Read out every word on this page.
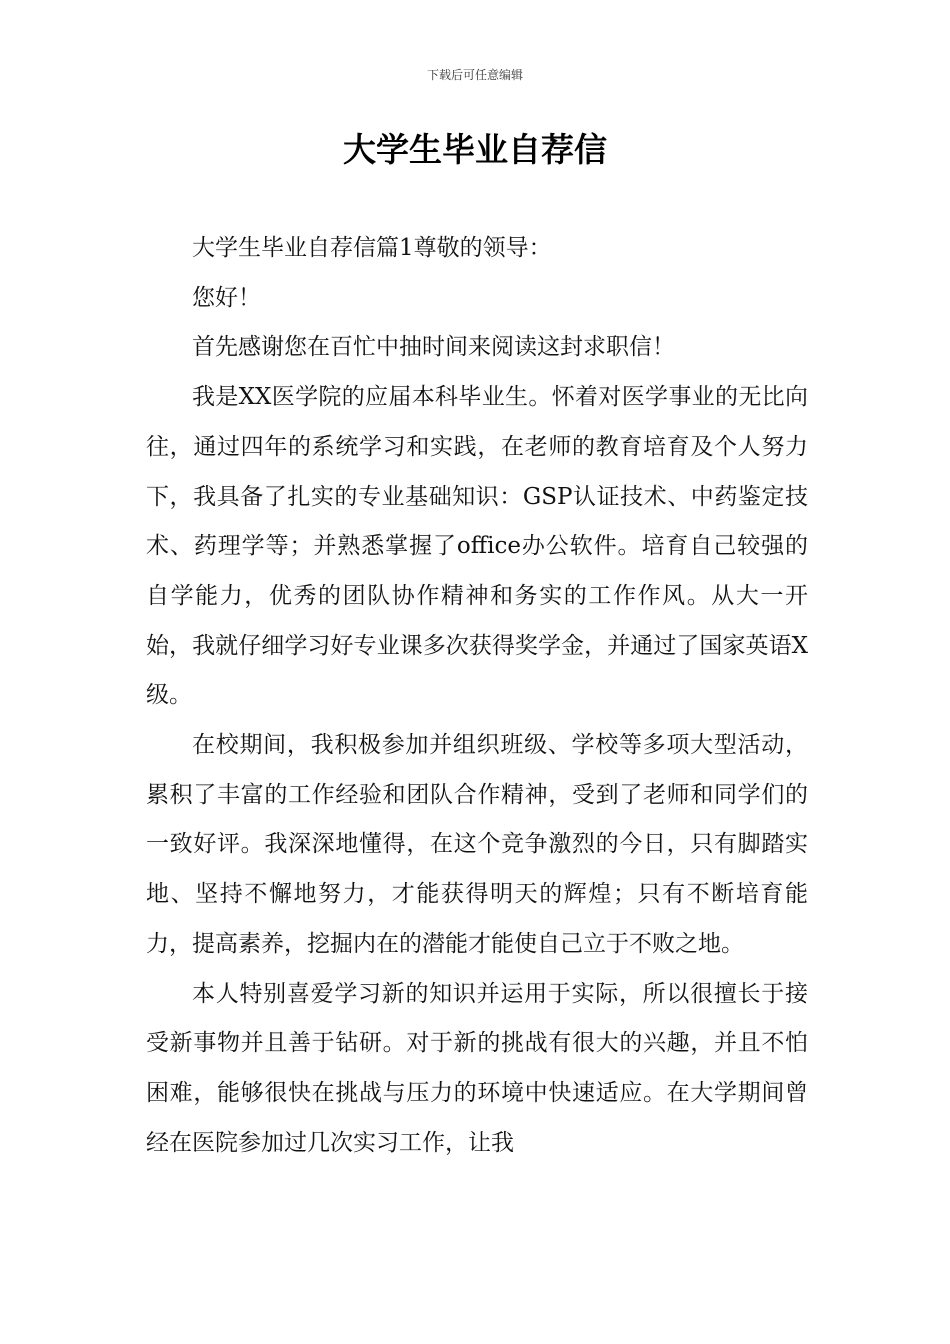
下载后可任意编辑
大学生毕业自荐信

大学生毕业自荐信篇1尊敬的领导：

您好！

首先感谢您在百忙中抽时间来阅读这封求职信！

我是XX医学院的应届本科毕业生。怀着对医学事业的无比向往，通过四年的系统学习和实践，在老师的教育培育及个人努力下，我具备了扎实的专业基础知识：GSP认证技术、中药鉴定技术、药理学等；并熟悉掌握了office办公软件。培育自己较强的自学能力，优秀的团队协作精神和务实的工作作风。从大一开始，我就仔细学习好专业课多次获得奖学金，并通过了国家英语X级。

在校期间，我积极参加并组织班级、学校等多项大型活动，累积了丰富的工作经验和团队合作精神，受到了老师和同学们的一致好评。我深深地懂得，在这个竞争激烈的今日，只有脚踏实地、坚持不懈地努力，才能获得明天的辉煌；只有不断培育能力，提高素养，挖掘内在的潜能才能使自己立于不败之地。

本人特别喜爱学习新的知识并运用于实际，所以很擅长于接受新事物并且善于钻研。对于新的挑战有很大的兴趣，并且不怕困难，能够很快在挑战与压力的环境中快速适应。在大学期间曾经在医院参加过几次实习工作，让我
